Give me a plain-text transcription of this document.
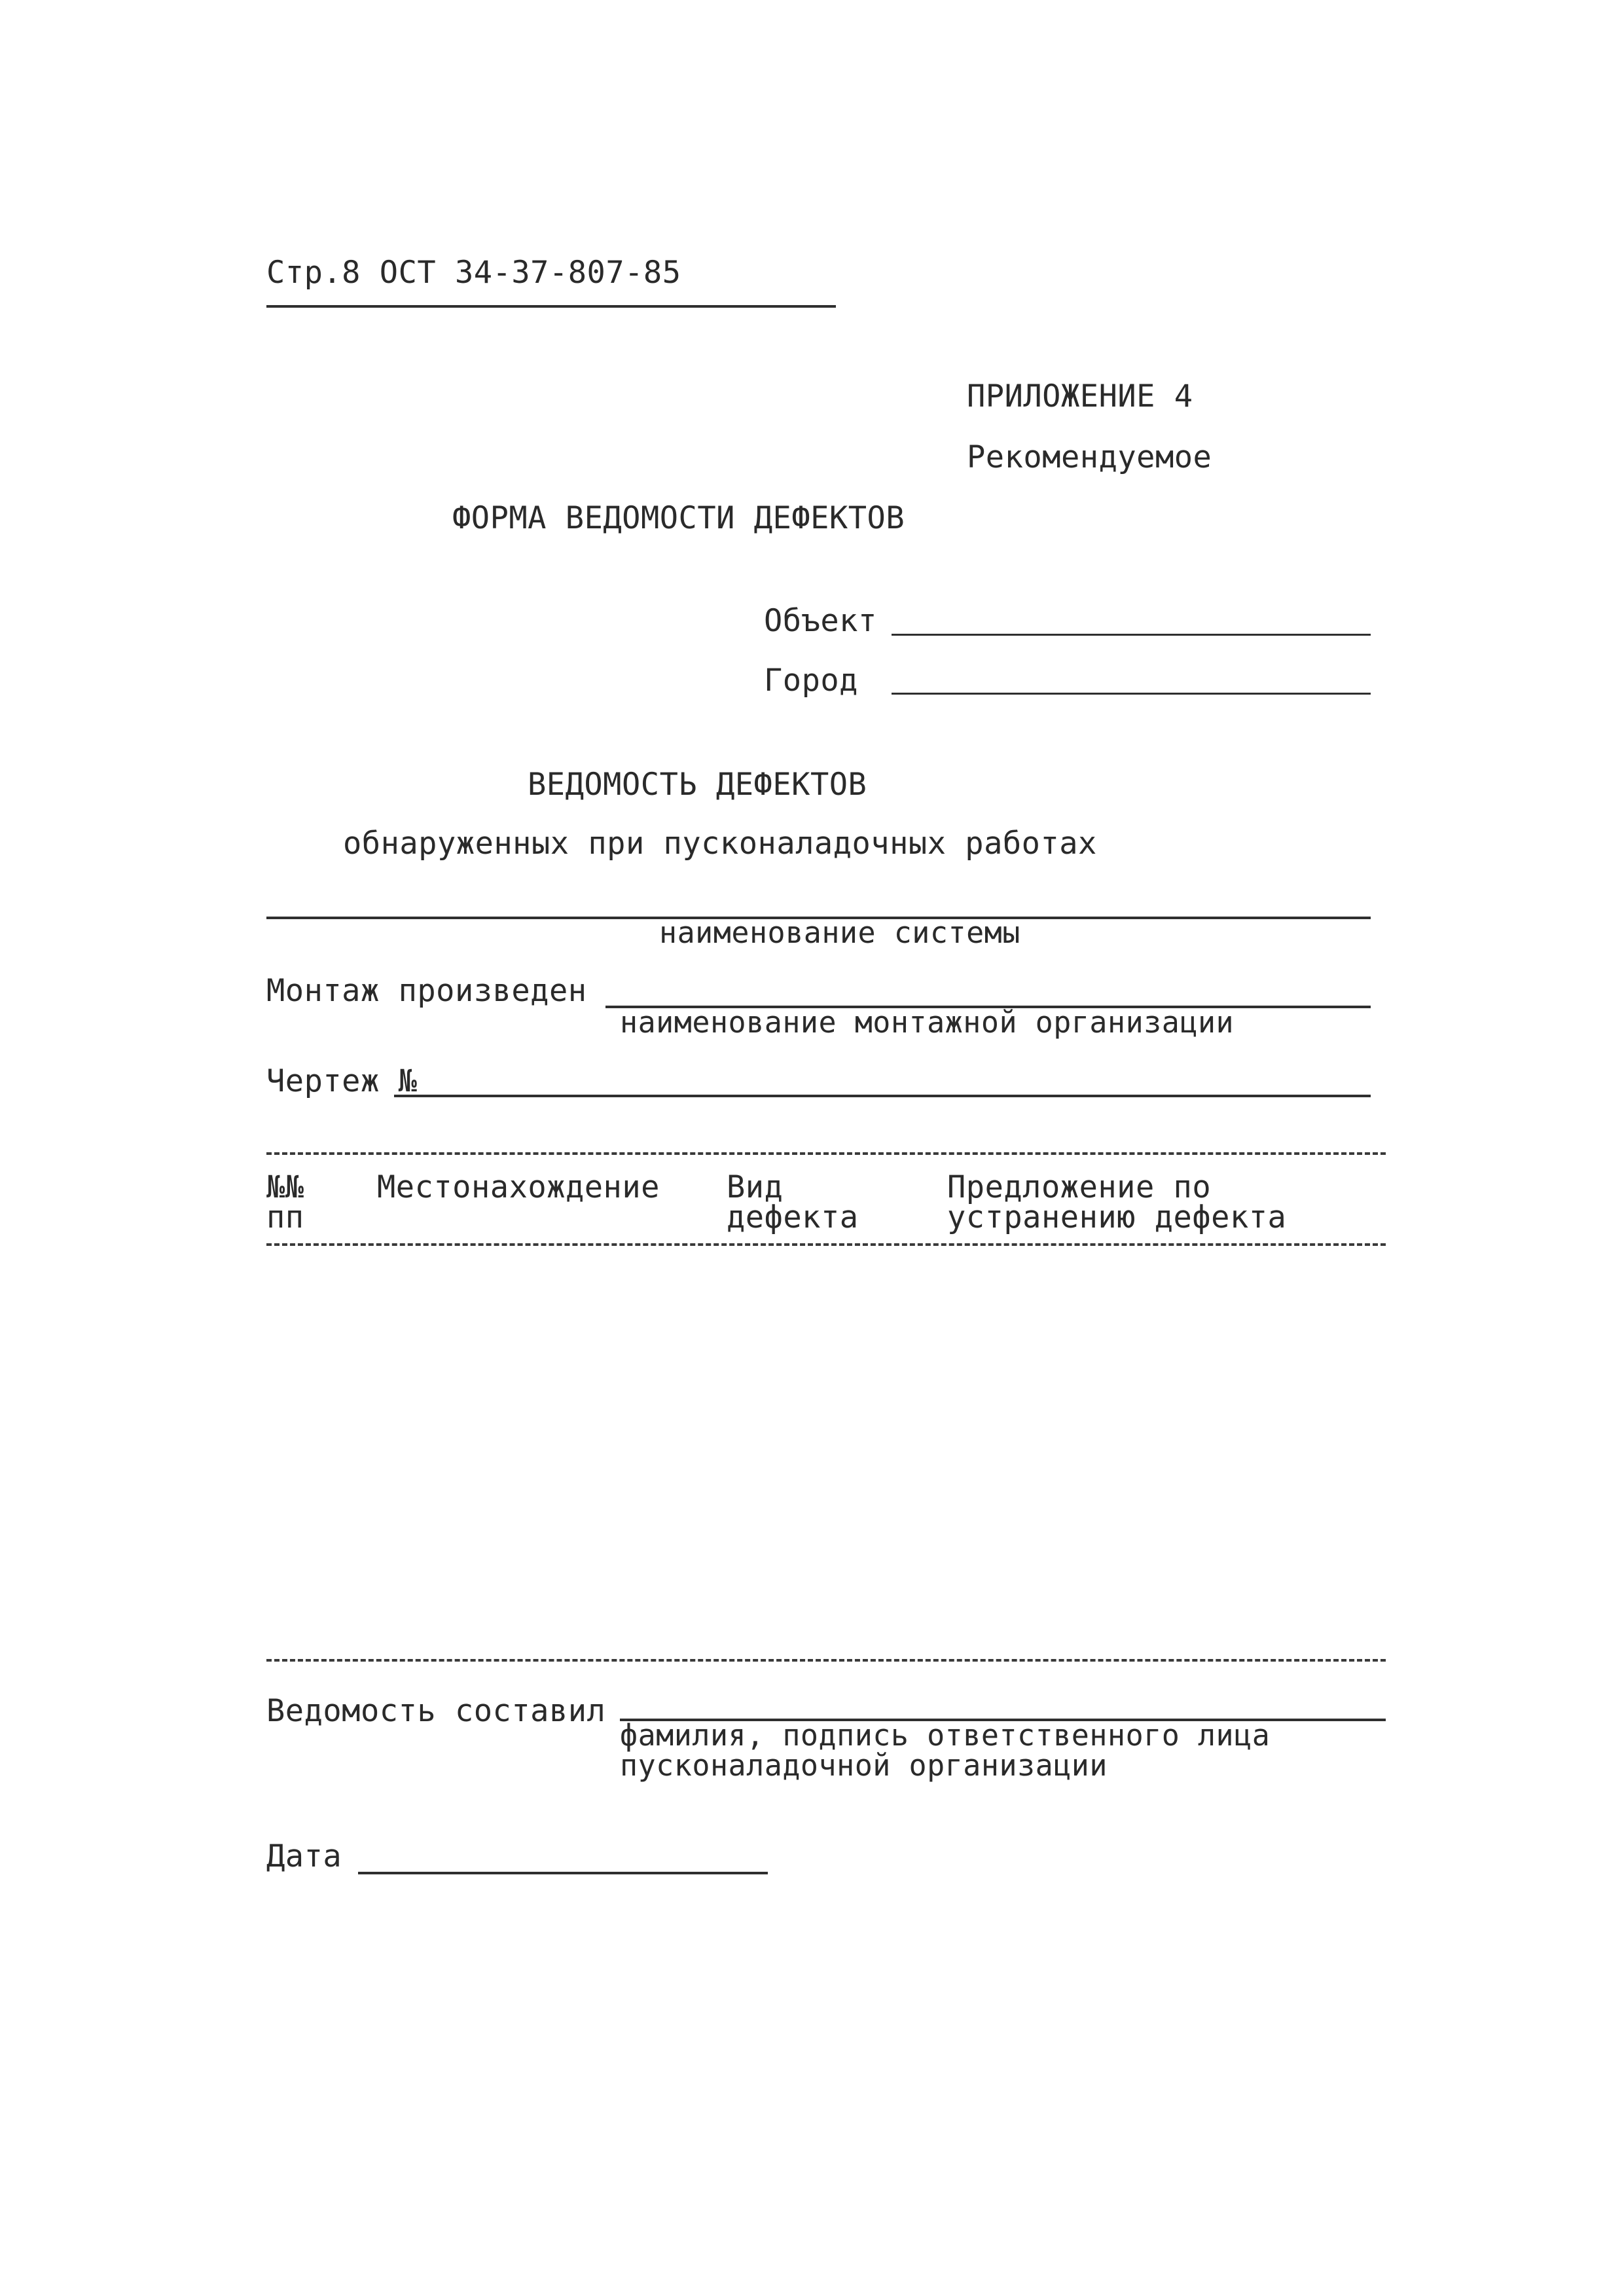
Стр.8 ОСТ 34-37-807-85
ПРИЛОЖЕНИЕ 4
Рекомендуемое
ФОРМА ВЕДОМОСТИ ДЕФЕКТОВ
Объект
Город
ВЕДОМОСТЬ ДЕФЕКТОВ
обнаруженных при пусконаладочных работах
наименование системы
Монтаж произведен
наименование монтажной организации
Чертеж №
№№
пп
Местонахождение Вид
дефекта
Предложение по
устранению дефекта
Ведомость составил
фамилия, подпись ответственного лица
пусконаладочной организации
Дата
